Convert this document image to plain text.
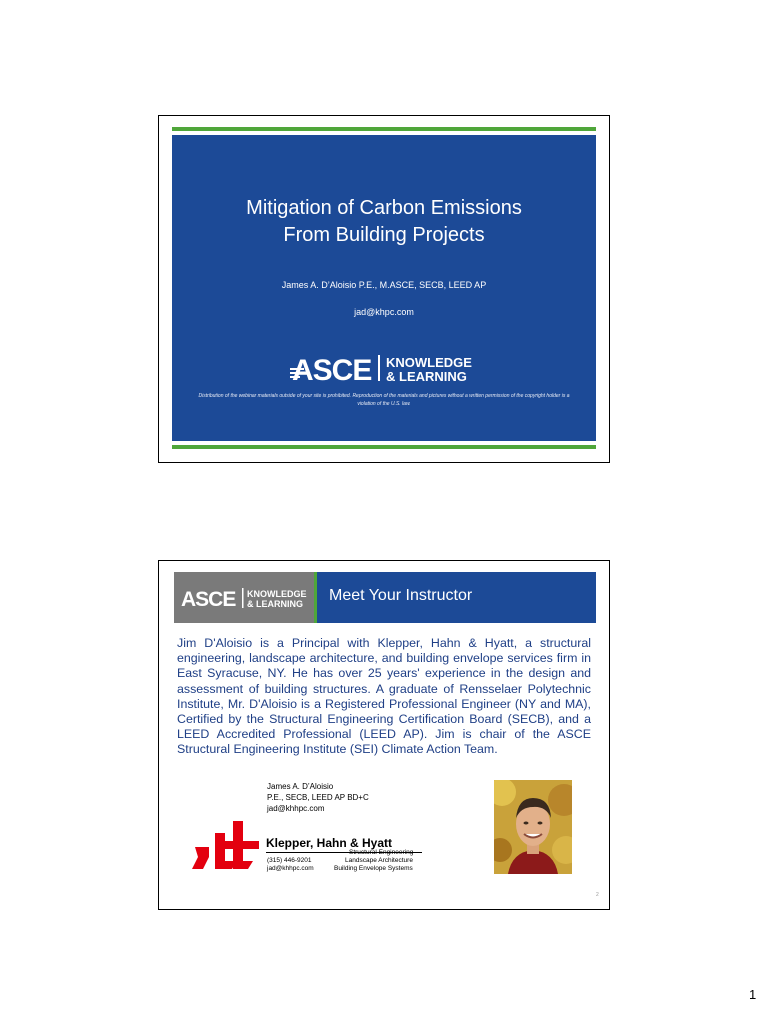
Mitigation of Carbon Emissions
From Building Projects
James A. D’Aloisio P.E., M.ASCE, SECB, LEED AP
jad@khpc.com
ASCE KNOWLEDGE
& LEARNING
Distribution of the webinar materials outside of your site is prohibited. Reproduction of the materials and pictures without a written permission of the copyright holder is a violation of the U.S. law.
ASCE KNOWLEDGE
& LEARNING Meet Your Instructor
Jim D'Aloisio is a Principal with Klepper, Hahn & Hyatt, a structural engineering, landscape architecture, and building envelope services firm in East Syracuse, NY. He has over 25 years' experience in the design and assessment of building structures. A graduate of Rensselaer Polytechnic Institute, Mr. D'Aloisio is a Registered Professional Engineer (NY and MA), Certified by the Structural Engineering Certification Board (SECB), and a LEED Accredited Professional (LEED AP). Jim is chair of the ASCE Structural Engineering Institute (SEI) Climate Action Team.
James A. D’Aloisio
P.E., SECB, LEED AP BD+C
jad@khhpc.com
Klepper, Hahn & Hyatt
Structural Engineering
Landscape Architecture
(315) 446-9201
jad@khhpc.com	Building Envelope Systems
2
1
